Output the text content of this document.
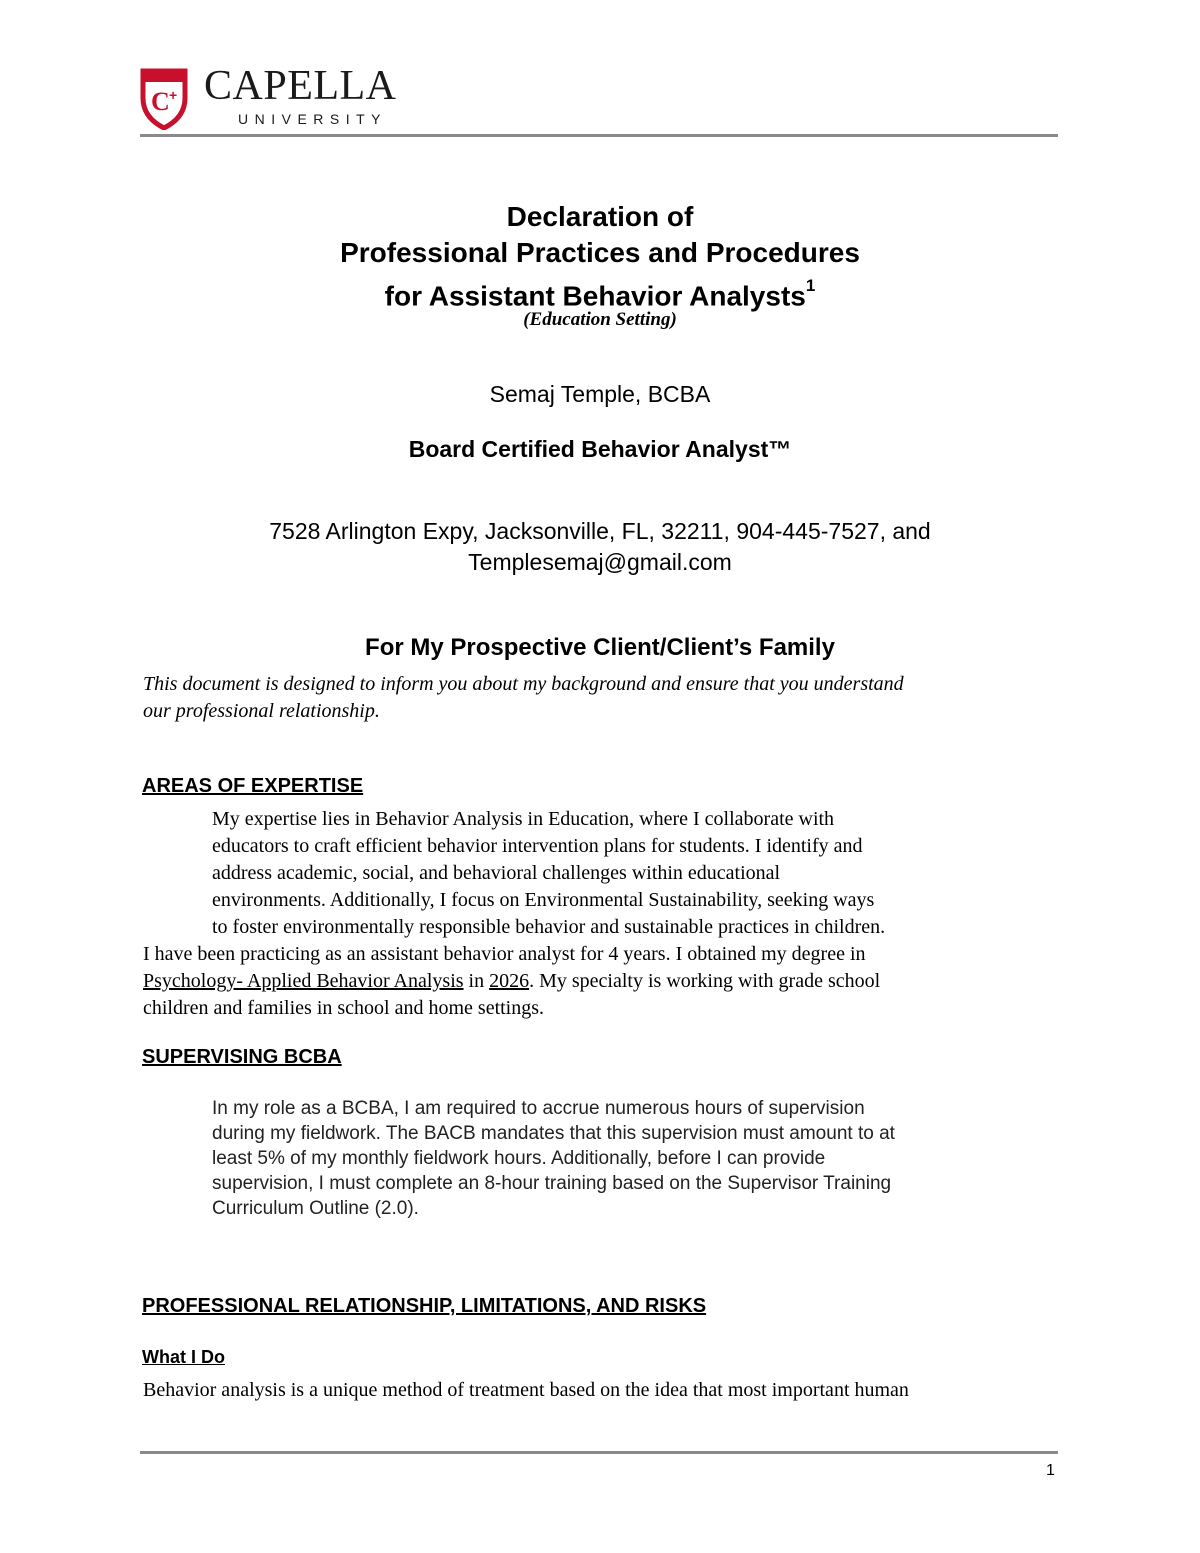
C + CAPELLA
UNIVERSITY
Declaration of
Professional Practices and Procedures
for Assistant Behavior Analysts$^1$
(Education Setting)
Semaj Temple, BCBA
Board Certified Behavior Analyst™
7528 Arlington Expy, Jacksonville, FL, 32211, 904-445-7527, and
Templesemaj@gmail.com
For My Prospective Client/Client’s Family
This document is designed to inform you about my background and ensure that you understand
our professional relationship.
AREAS OF EXPERTISE
My expertise lies in Behavior Analysis in Education, where I collaborate with
educators to craft efficient behavior intervention plans for students. I identify and
address academic, social, and behavioral challenges within educational
environments. Additionally, I focus on Environmental Sustainability, seeking ways
to foster environmentally responsible behavior and sustainable practices in children.
I have been practicing as an assistant behavior analyst for 4 years. I obtained my degree in
Psychology- Applied Behavior Analysis in 2026. My specialty is working with grade school
children and families in school and home settings.
SUPERVISING BCBA
In my role as a BCBA, I am required to accrue numerous hours of supervision
during my fieldwork. The BACB mandates that this supervision must amount to at
least 5% of my monthly fieldwork hours. Additionally, before I can provide
supervision, I must complete an 8-hour training based on the Supervisor Training
Curriculum Outline (2.0).
PROFESSIONAL RELATIONSHIP, LIMITATIONS, AND RISKS
What I Do
Behavior analysis is a unique method of treatment based on the idea that most important human
1
